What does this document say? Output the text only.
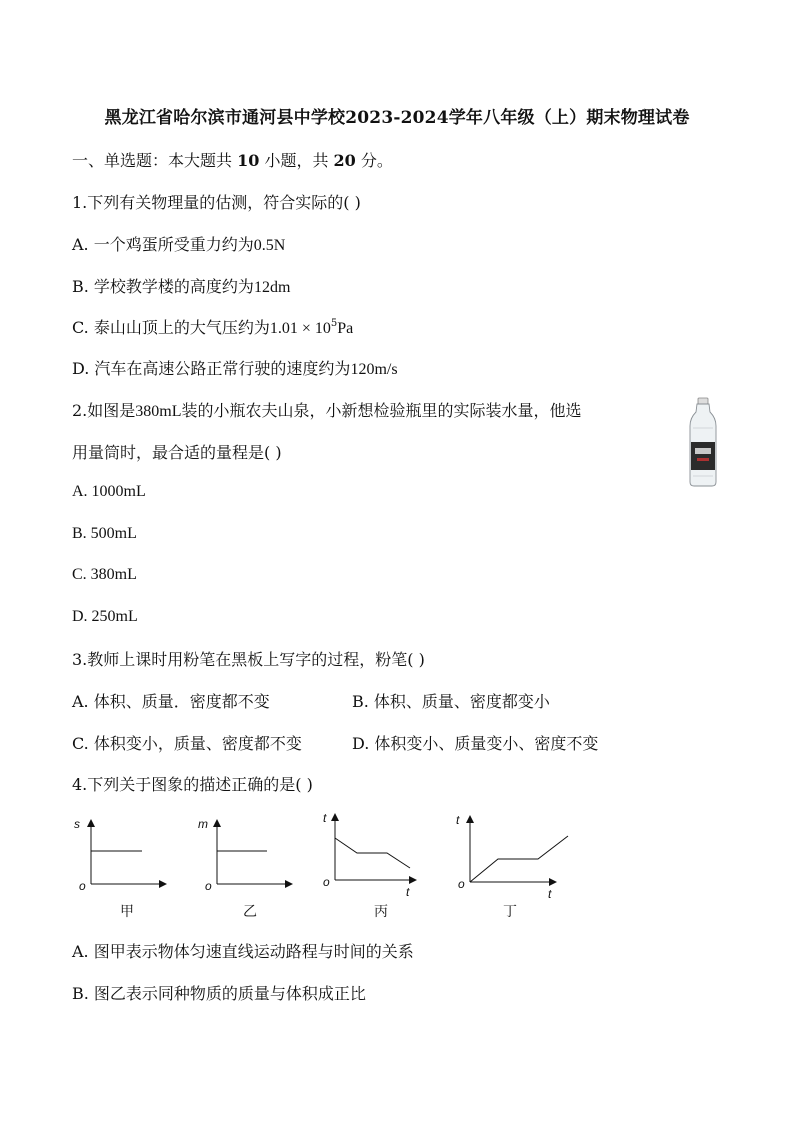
黑龙江省哈尔滨市通河县中学校2023-2024学年八年级（上）期末物理试卷
一、单选题：本大题共 10 小题，共 20 分。
1.下列有关物理量的估测，符合实际的( )
A. 一个鸡蛋所受重力约为0.5N
B. 学校教学楼的高度约为12dm
C. 泰山山顶上的大气压约为$1.01 \times 10^5Pa$
D. 汽车在高速公路正常行驶的速度约为120m/s
2.如图是380mL装的小瓶农夫山泉，小新想检验瓶里的实际装水量，他选
用量筒时，最合适的量程是( )
A. 1000mL
B. 500mL
C. 380mL
D. 250mL
3.教师上课时用粉笔在黑板上写字的过程，粉笔( )
A. 体积、质量．密度都不变	B. 体积、质量、密度都变小
C. 体积变小，质量、密度都不变	D. 体积变小、质量变小、密度不变
4.下列关于图象的描述正确的是( )
s
o
m
o
t
o
t
t
o
t
甲	乙	丙	丁
A. 图甲表示物体匀速直线运动路程与时间的关系
B. 图乙表示同种物质的质量与体积成正比
